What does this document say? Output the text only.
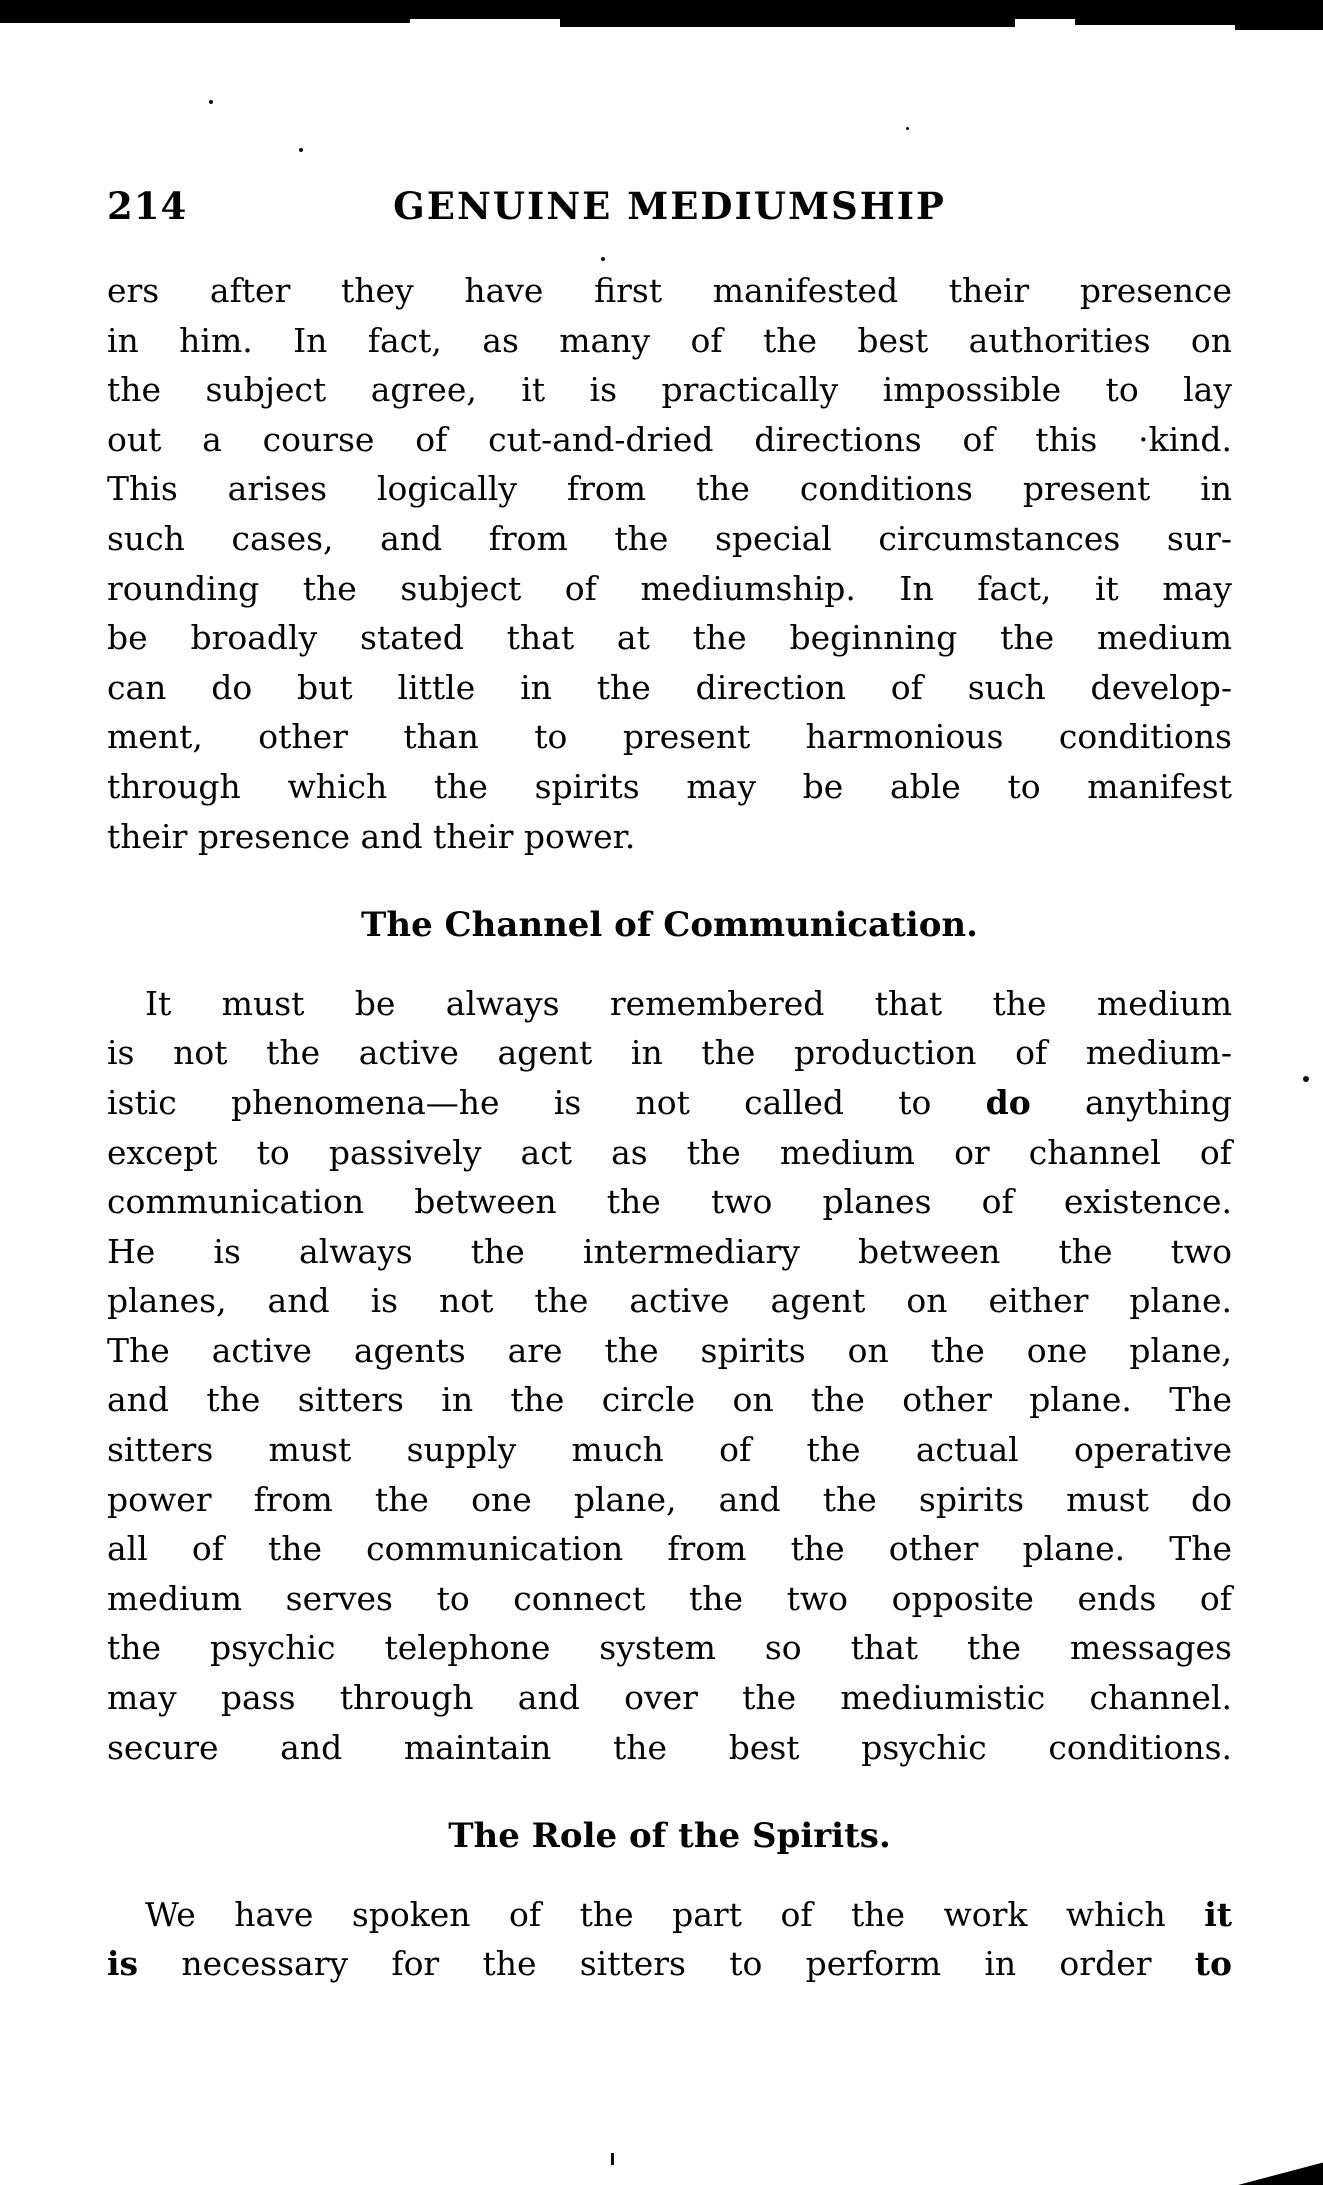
214	GENUINE MEDIUMSHIP
ers after they have first manifested their presence
in him. In fact, as many of the best authorities on
the subject agree, it is practically impossible to lay
out a course of cut-and-dried directions of this ·kind.
This arises logically from the conditions present in
such cases, and from the special circumstances sur-
rounding the subject of mediumship. In fact, it may
be broadly stated that at the beginning the medium
can do but little in the direction of such develop-
ment, other than to present harmonious conditions
through which the spirits may be able to manifest
their presence and their power.
The Channel of Communication.
It must be always remembered that the medium
is not the active agent in the production of medium-
istic phenomena—he is not called to do anything
except to passively act as the medium or channel of
communication between the two planes of existence.
He is always the intermediary between the two
planes, and is not the active agent on either plane.
The active agents are the spirits on the one plane,
and the sitters in the circle on the other plane. The
sitters must supply much of the actual operative
power from the one plane, and the spirits must do
all of the communication from the other plane. The
medium serves to connect the two opposite ends of
the psychic telephone system so that the messages
may pass through and over the mediumistic channel.
secure and maintain the best psychic conditions.
The Role of the Spirits.
We have spoken of the part of the work which it
is necessary for the sitters to perform in order to
